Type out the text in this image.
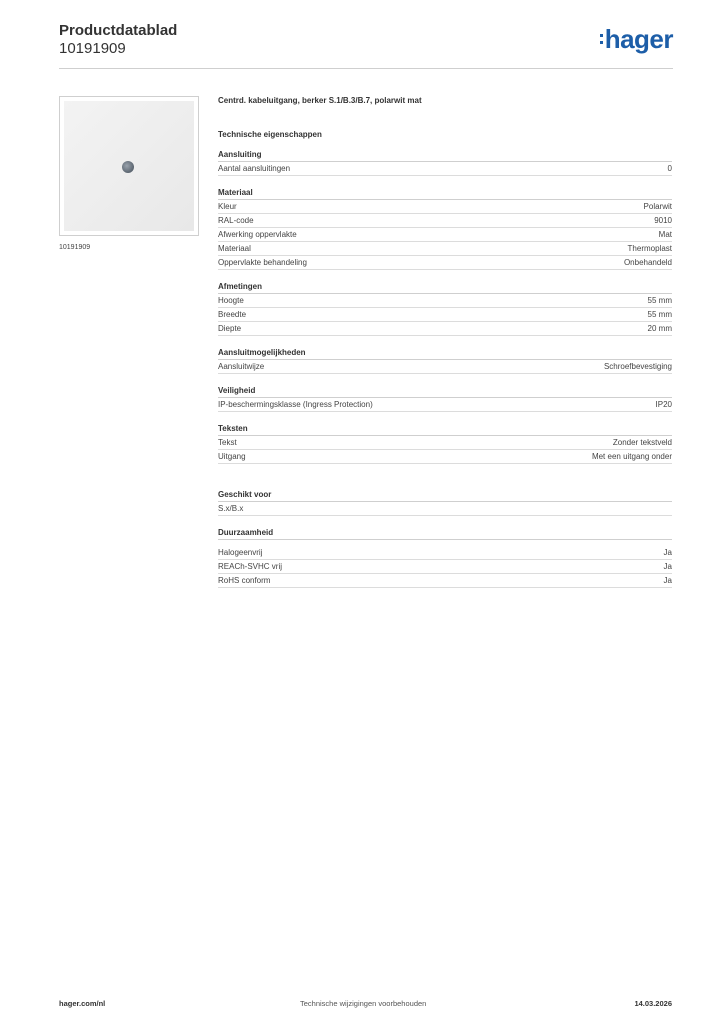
Productdatablad
10191909	hager
10191909
Centrd. kabeluitgang, berker S.1/B.3/B.7, polarwit mat
Technische eigenschappen
Aansluiting
Aantal aansluitingen	0
Materiaal
Kleur	Polarwit
RAL-code	9010
Afwerking oppervlakte	Mat
Materiaal	Thermoplast
Oppervlakte behandeling	Onbehandeld
Afmetingen
Hoogte	55 mm
Breedte	55 mm
Diepte	20 mm
Aansluitmogelijkheden
Aansluitwijze	Schroefbevestiging
Veiligheid
IP-beschermingsklasse (Ingress Protection)	IP20
Teksten
Tekst	Zonder tekstveld
Uitgang	Met een uitgang onder
Geschikt voor
S.x/B.x
Duurzaamheid
Halogeenvrij	Ja
REACh-SVHC vrij	Ja
RoHS conform	Ja
hager.com/nl	Technische wijzigingen voorbehouden	14.03.2026
